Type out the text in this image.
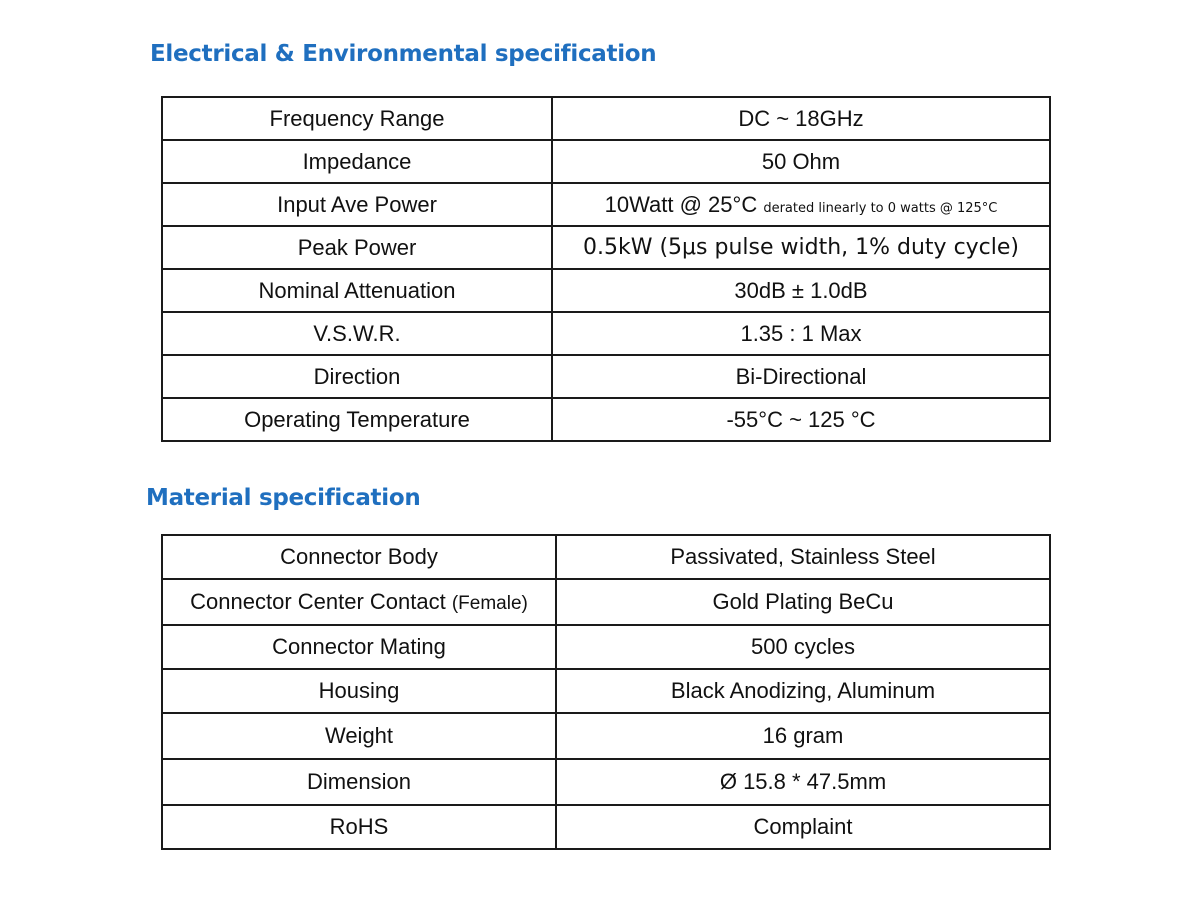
Electrical & Environmental specification
Frequency Range	DC ~ 18GHz
Impedance	50 Ohm
Input Ave Power	10Watt @ 25°C derated linearly to 0 watts @ 125°C
Peak Power	0.5kW (5μs pulse width, 1% duty cycle)
Nominal Attenuation	30dB ± 1.0dB
V.S.W.R.	1.35 : 1 Max
Direction	Bi-Directional
Operating Temperature	-55°C ~ 125 °C
Material specification
Connector Body	Passivated, Stainless Steel
Connector Center Contact (Female)	Gold Plating BeCu
Connector Mating	500 cycles
Housing	Black Anodizing, Aluminum
Weight	16 gram
Dimension	Ø 15.8 * 47.5mm
RoHS	Complaint
